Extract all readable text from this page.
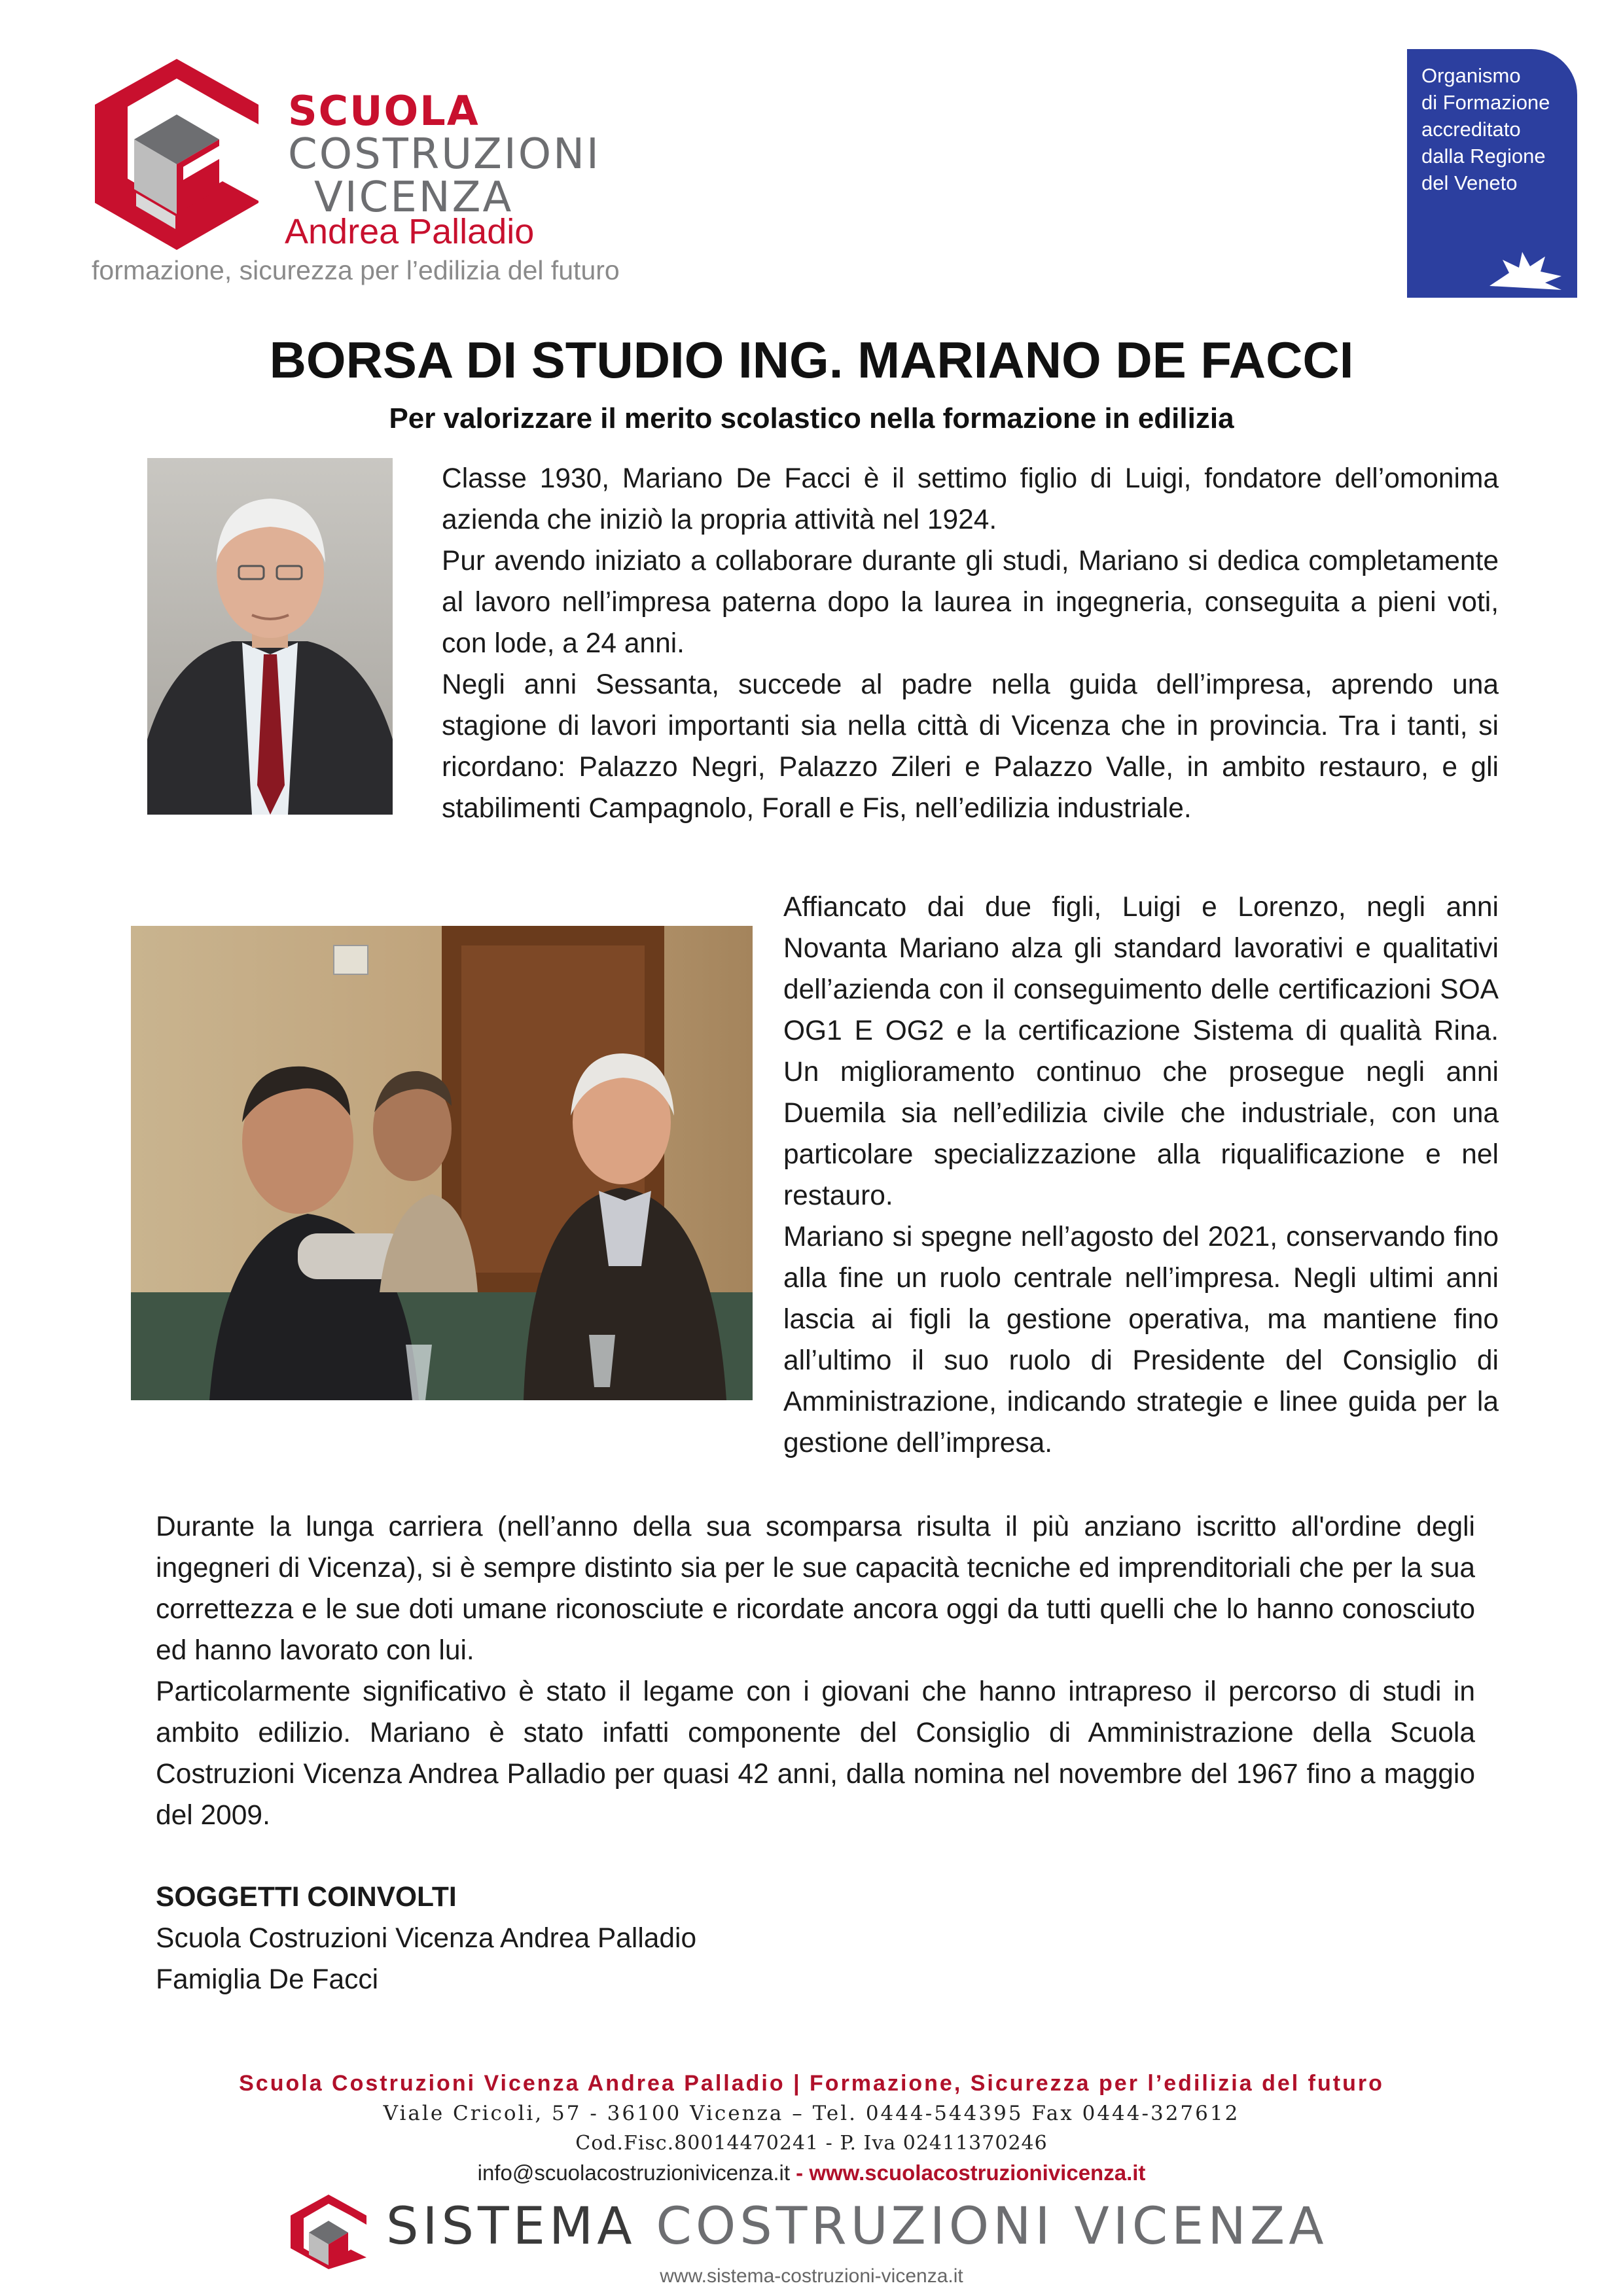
SCUOLA
COSTRUZIONI
VICENZA
Andrea Palladio
formazione, sicurezza per l’edilizia del futuro
Organismo
di Formazione
accreditato
dalla Regione
del Veneto
BORSA DI STUDIO ING. MARIANO DE FACCI
Per valorizzare il merito scolastico nella formazione in edilizia

Classe 1930, Mariano De Facci è il settimo figlio di Luigi, fondatore dell’omonima azienda che iniziò la propria attività nel 1924.

Pur avendo iniziato a collaborare durante gli studi, Mariano si dedica completamente al lavoro nell’impresa paterna dopo la laurea in ingegneria, conseguita a pieni voti, con lode, a 24 anni.

Negli anni Sessanta, succede al padre nella guida dell’impresa, aprendo una stagione di lavori importanti sia nella città di Vicenza che in provincia. Tra i tanti, si ricordano: Palazzo Negri, Palazzo Zileri e Palazzo Valle, in ambito restauro, e gli stabilimenti Campagnolo, Forall e Fis, nell’edilizia industriale.

Affiancato dai due figli, Luigi e Lorenzo, negli anni Novanta Mariano alza gli standard lavorativi e qualitativi dell’azienda con il conseguimento delle certificazioni SOA OG1 E OG2 e la certificazione Sistema di qualità Rina. Un miglioramento continuo che prosegue negli anni Duemila sia nell’edilizia civile che industriale, con una particolare specializzazione alla riqualificazione e nel restauro.

Mariano si spegne nell’agosto del 2021, conservando fino alla fine un ruolo centrale nell’impresa. Negli ultimi anni lascia ai figli la gestione operativa, ma mantiene fino all’ultimo il suo ruolo di Presidente del Consiglio di Amministrazione, indicando strategie e linee guida per la gestione dell’impresa.

Durante la lunga carriera (nell’anno della sua scomparsa risulta il più anziano iscritto all'ordine degli ingegneri di Vicenza), si è sempre distinto sia per le sue capacità tecniche ed imprenditoriali che per la sua correttezza e le sue doti umane riconosciute e ricordate ancora oggi da tutti quelli che lo hanno conosciuto ed hanno lavorato con lui.

Particolarmente significativo è stato il legame con i giovani che hanno intrapreso il percorso di studi in ambito edilizio. Mariano è stato infatti componente del Consiglio di Amministrazione della Scuola Costruzioni Vicenza Andrea Palladio per quasi 42 anni, dalla nomina nel novembre del 1967 fino a maggio del 2009.

SOGGETTI COINVOLTI
Scuola Costruzioni Vicenza Andrea Palladio
Famiglia De Facci
Scuola Costruzioni Vicenza Andrea Palladio | Formazione, Sicurezza per l’edilizia del futuro
Viale Cricoli, 57 - 36100 Vicenza – Tel. 0444-544395 Fax 0444-327612
Cod.Fisc.80014470241 - P. Iva 02411370246
info@scuolacostruzionivicenza.it - www.scuolacostruzionivicenza.it
SISTEMA COSTRUZIONI VICENZA
www.sistema-costruzioni-vicenza.it
